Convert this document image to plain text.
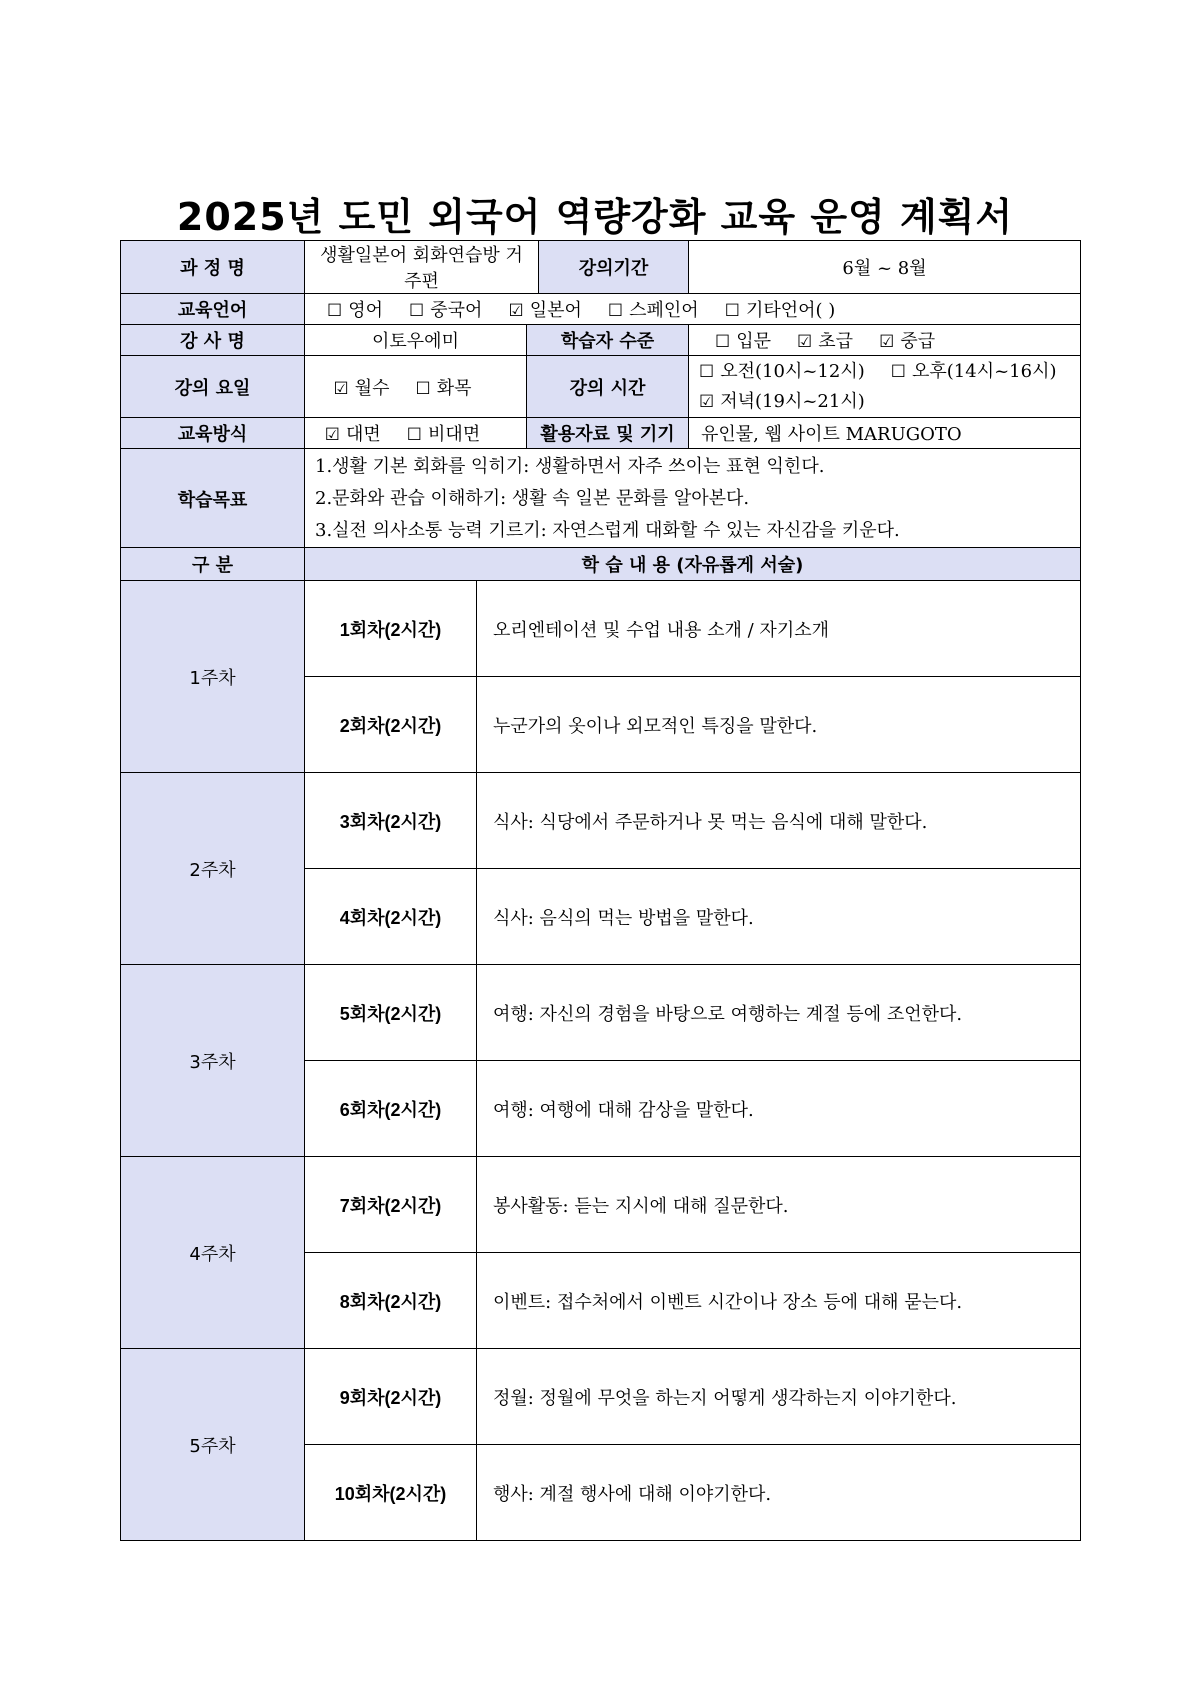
2025년 도민 외국어 역량강화 교육 운영 계획서
과 정 명	생활일본어 회화연습방 거주편		강의기간	6월 ~ 8월
교육언어	☐ 영어 ☐ 중국어 ☑ 일본어 ☐ 스페인어 ☐ 기타언어( )			
강 사 명	이토우에미	학습자 수준		☐ 입문 ☑ 초급 ☑ 중급
강의 요일	☑ 월수 ☐ 화목	강의 시간		☐ 오전(10시~12시) ☐ 오후(14시~16시)
☑ 저녁(19시~21시)

교육방식	☑ 대면 ☐ 비대면	활용자료 및 기기		유인물, 웹 사이트 MARUGOTO
학습목표	1.생활 기본 회화를 익히기: 생활하면서 자주 쓰이는 표현 익힌다.
2.문화와 관습 이해하기: 생활 속 일본 문화를 알아본다.
3.실전 의사소통 능력 기르기: 자연스럽게 대화할 수 있는 자신감을 키운다.			
구 분	학 습 내 용 (자유롭게 서술)	
1주차	1회차(2시간)	오리엔테이션 및 수업 내용 소개 / 자기소개
	2회차(2시간)	누군가의 옷이나 외모적인 특징을 말한다.
2주차	3회차(2시간)	식사: 식당에서 주문하거나 못 먹는 음식에 대해 말한다.
	4회차(2시간)	식사: 음식의 먹는 방법을 말한다.
3주차	5회차(2시간)	여행: 자신의 경험을 바탕으로 여행하는 계절 등에 조언한다.
	6회차(2시간)	여행: 여행에 대해 감상을 말한다.
4주차	7회차(2시간)	봉사활동: 듣는 지시에 대해 질문한다.
	8회차(2시간)	이벤트: 접수처에서 이벤트 시간이나 장소 등에 대해 묻는다.
5주차	9회차(2시간)	정월: 정월에 무엇을 하는지 어떻게 생각하는지 이야기한다.
	10회차(2시간)	행사: 계절 행사에 대해 이야기한다.
